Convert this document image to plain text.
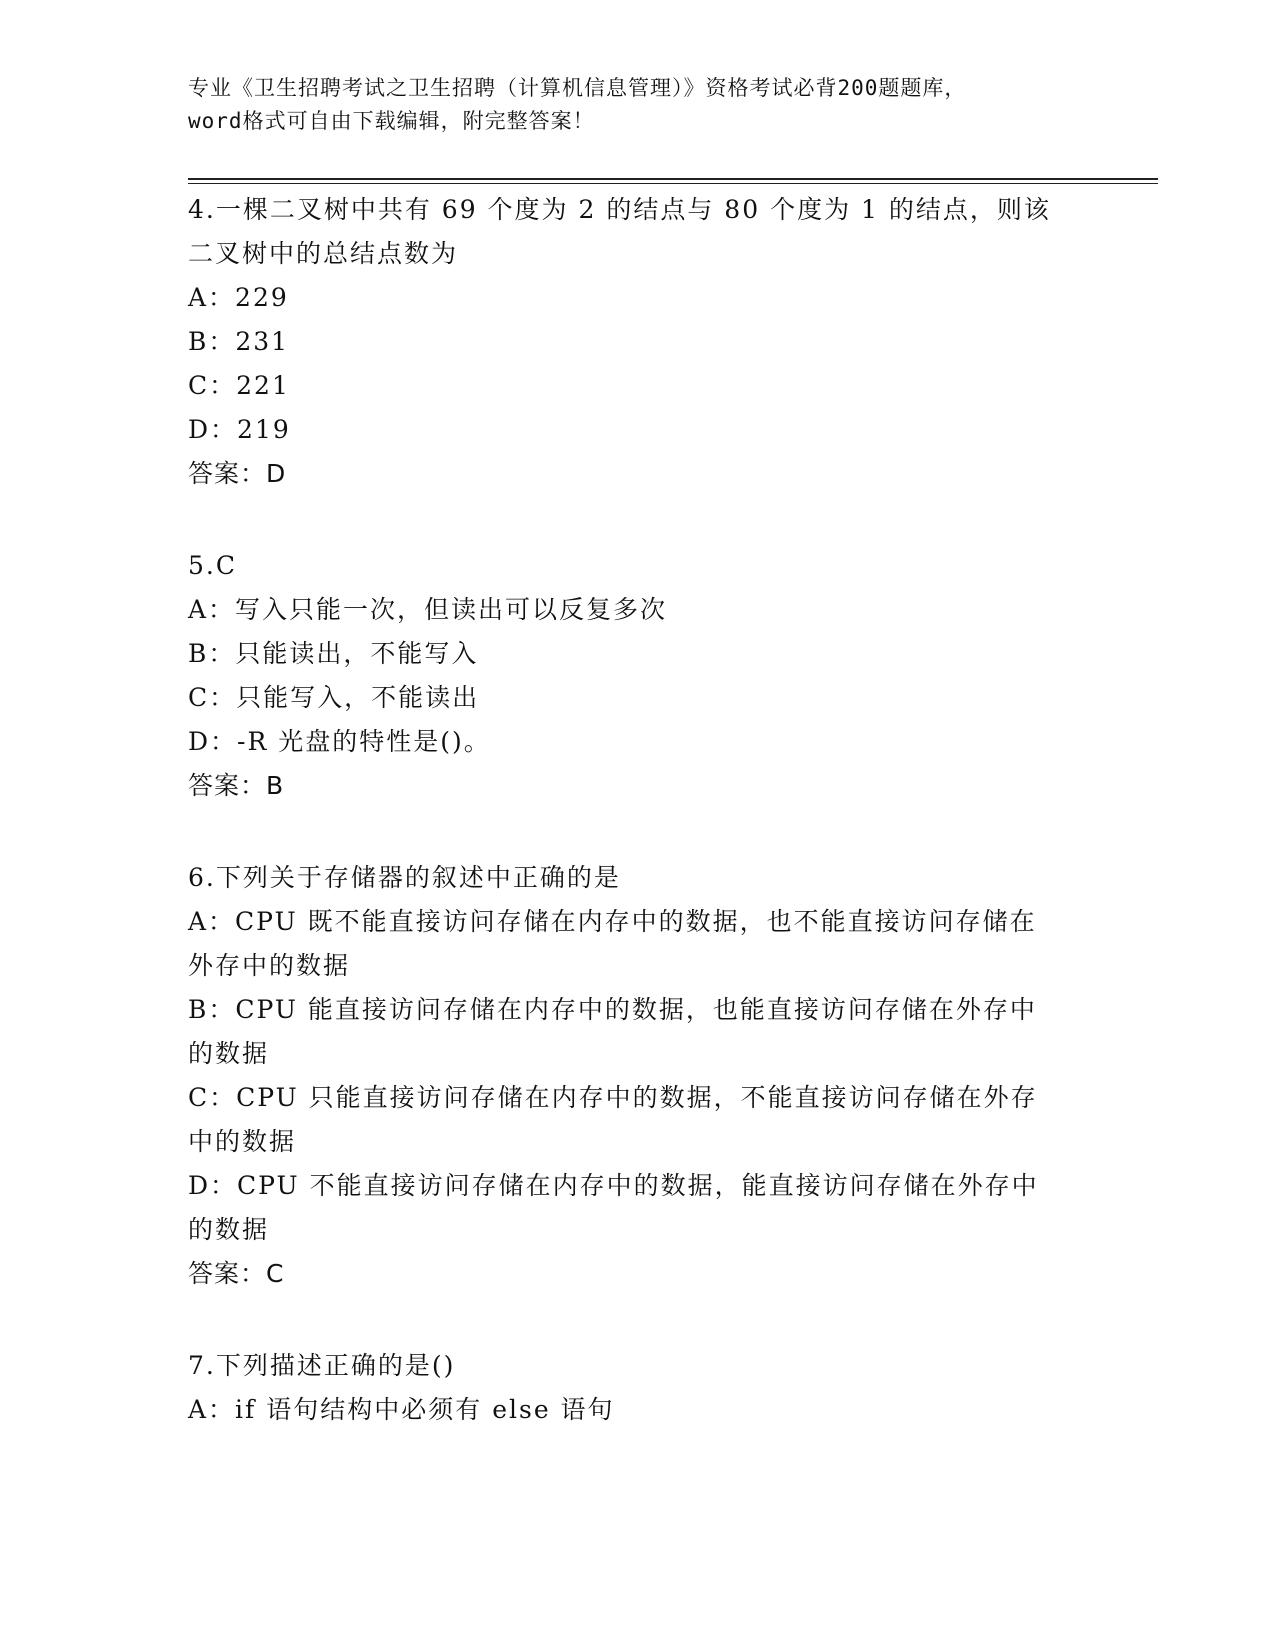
专业《卫生招聘考试之卫生招聘（计算机信息管理）》资格考试必背200题题库，
word格式可自由下载编辑，附完整答案！

4.一棵二叉树中共有 69 个度为 2 的结点与 80 个度为 1 的结点，则该

二叉树中的总结点数为

A：229

B：231

C：221

D：219

答案：D

5.C

A：写入只能一次，但读出可以反复多次

B：只能读出，不能写入

C：只能写入，不能读出

D：-R 光盘的特性是()。

答案：B

6.下列关于存储器的叙述中正确的是

A：CPU 既不能直接访问存储在内存中的数据，也不能直接访问存储在

外存中的数据

B：CPU 能直接访问存储在内存中的数据，也能直接访问存储在外存中

的数据

C：CPU 只能直接访问存储在内存中的数据，不能直接访问存储在外存

中的数据

D：CPU 不能直接访问存储在内存中的数据，能直接访问存储在外存中

的数据

答案：C

7.下列描述正确的是()

A：if 语句结构中必须有 else 语句
